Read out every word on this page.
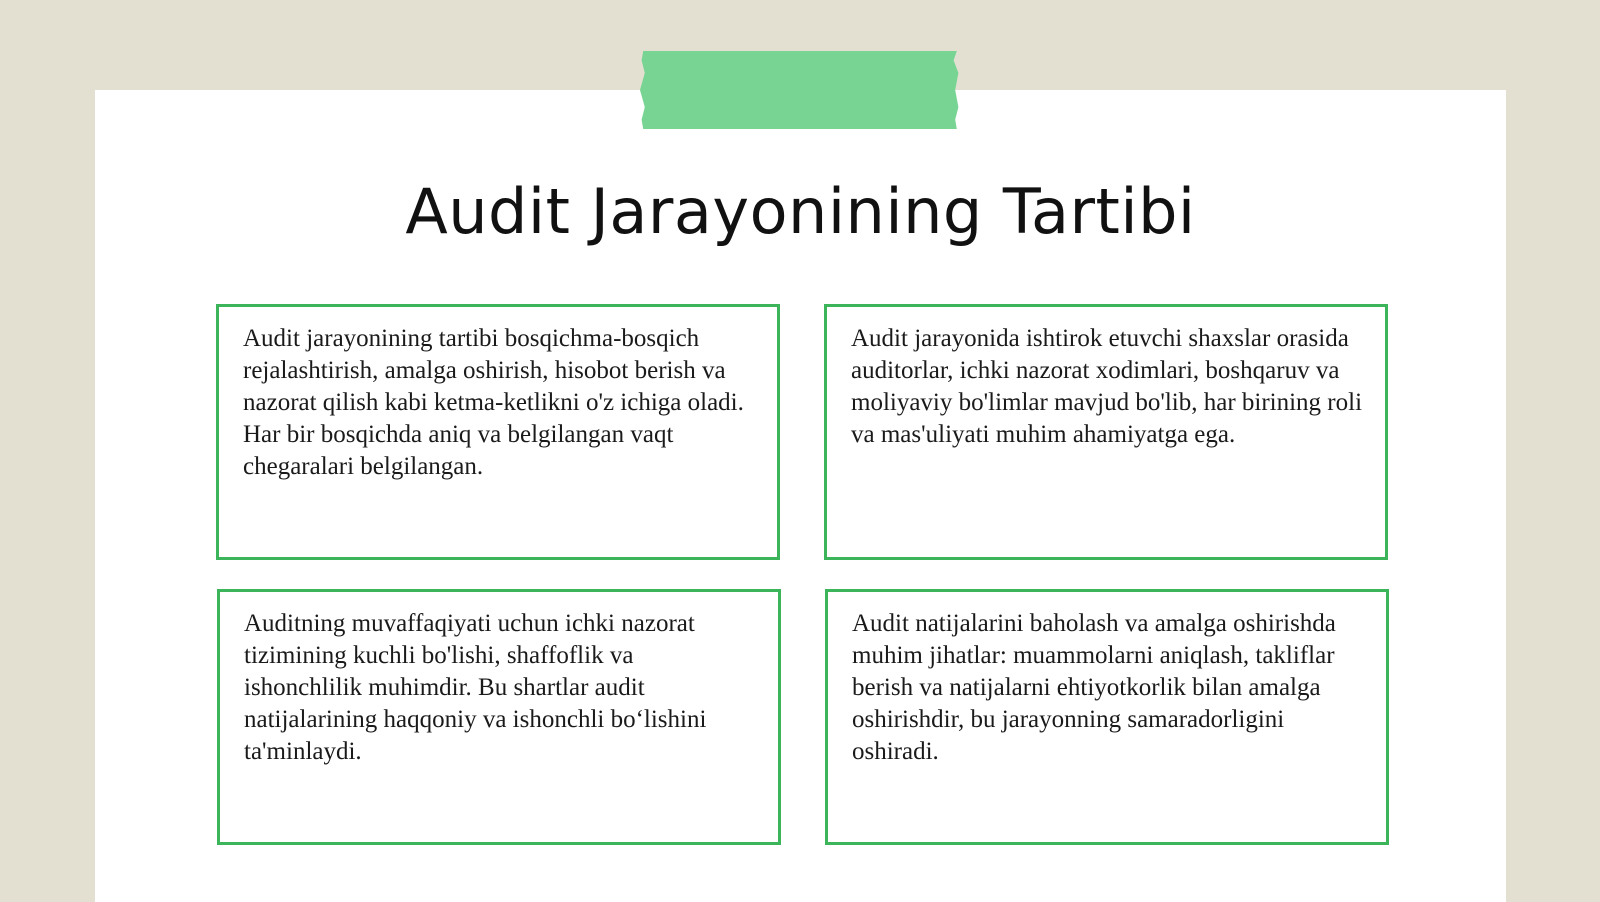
Audit Jarayonining Tartibi

Audit jarayonining tartibi bosqichma-bosqich rejalashtirish, amalga oshirish, hisobot berish va nazorat qilish kabi ketma-ketlikni o'z ichiga oladi. Har bir bosqichda aniq va belgilangan vaqt chegaralari belgilangan.

Audit jarayonida ishtirok etuvchi shaxslar orasida auditorlar, ichki nazorat xodimlari, boshqaruv va moliyaviy bo'limlar mavjud bo'lib, har birining roli va mas'uliyati muhim ahamiyatga ega.

Auditning muvaffaqiyati uchun ichki nazorat tizimining kuchli bo'lishi, shaffoflik va ishonchlilik muhimdir. Bu shartlar audit natijalarining haqqoniy va ishonchli bo‘lishini ta'minlaydi.

Audit natijalarini baholash va amalga oshirishda muhim jihatlar: muammolarni aniqlash, takliflar berish va natijalarni ehtiyotkorlik bilan amalga oshirishdir, bu jarayonning samaradorligini oshiradi.
